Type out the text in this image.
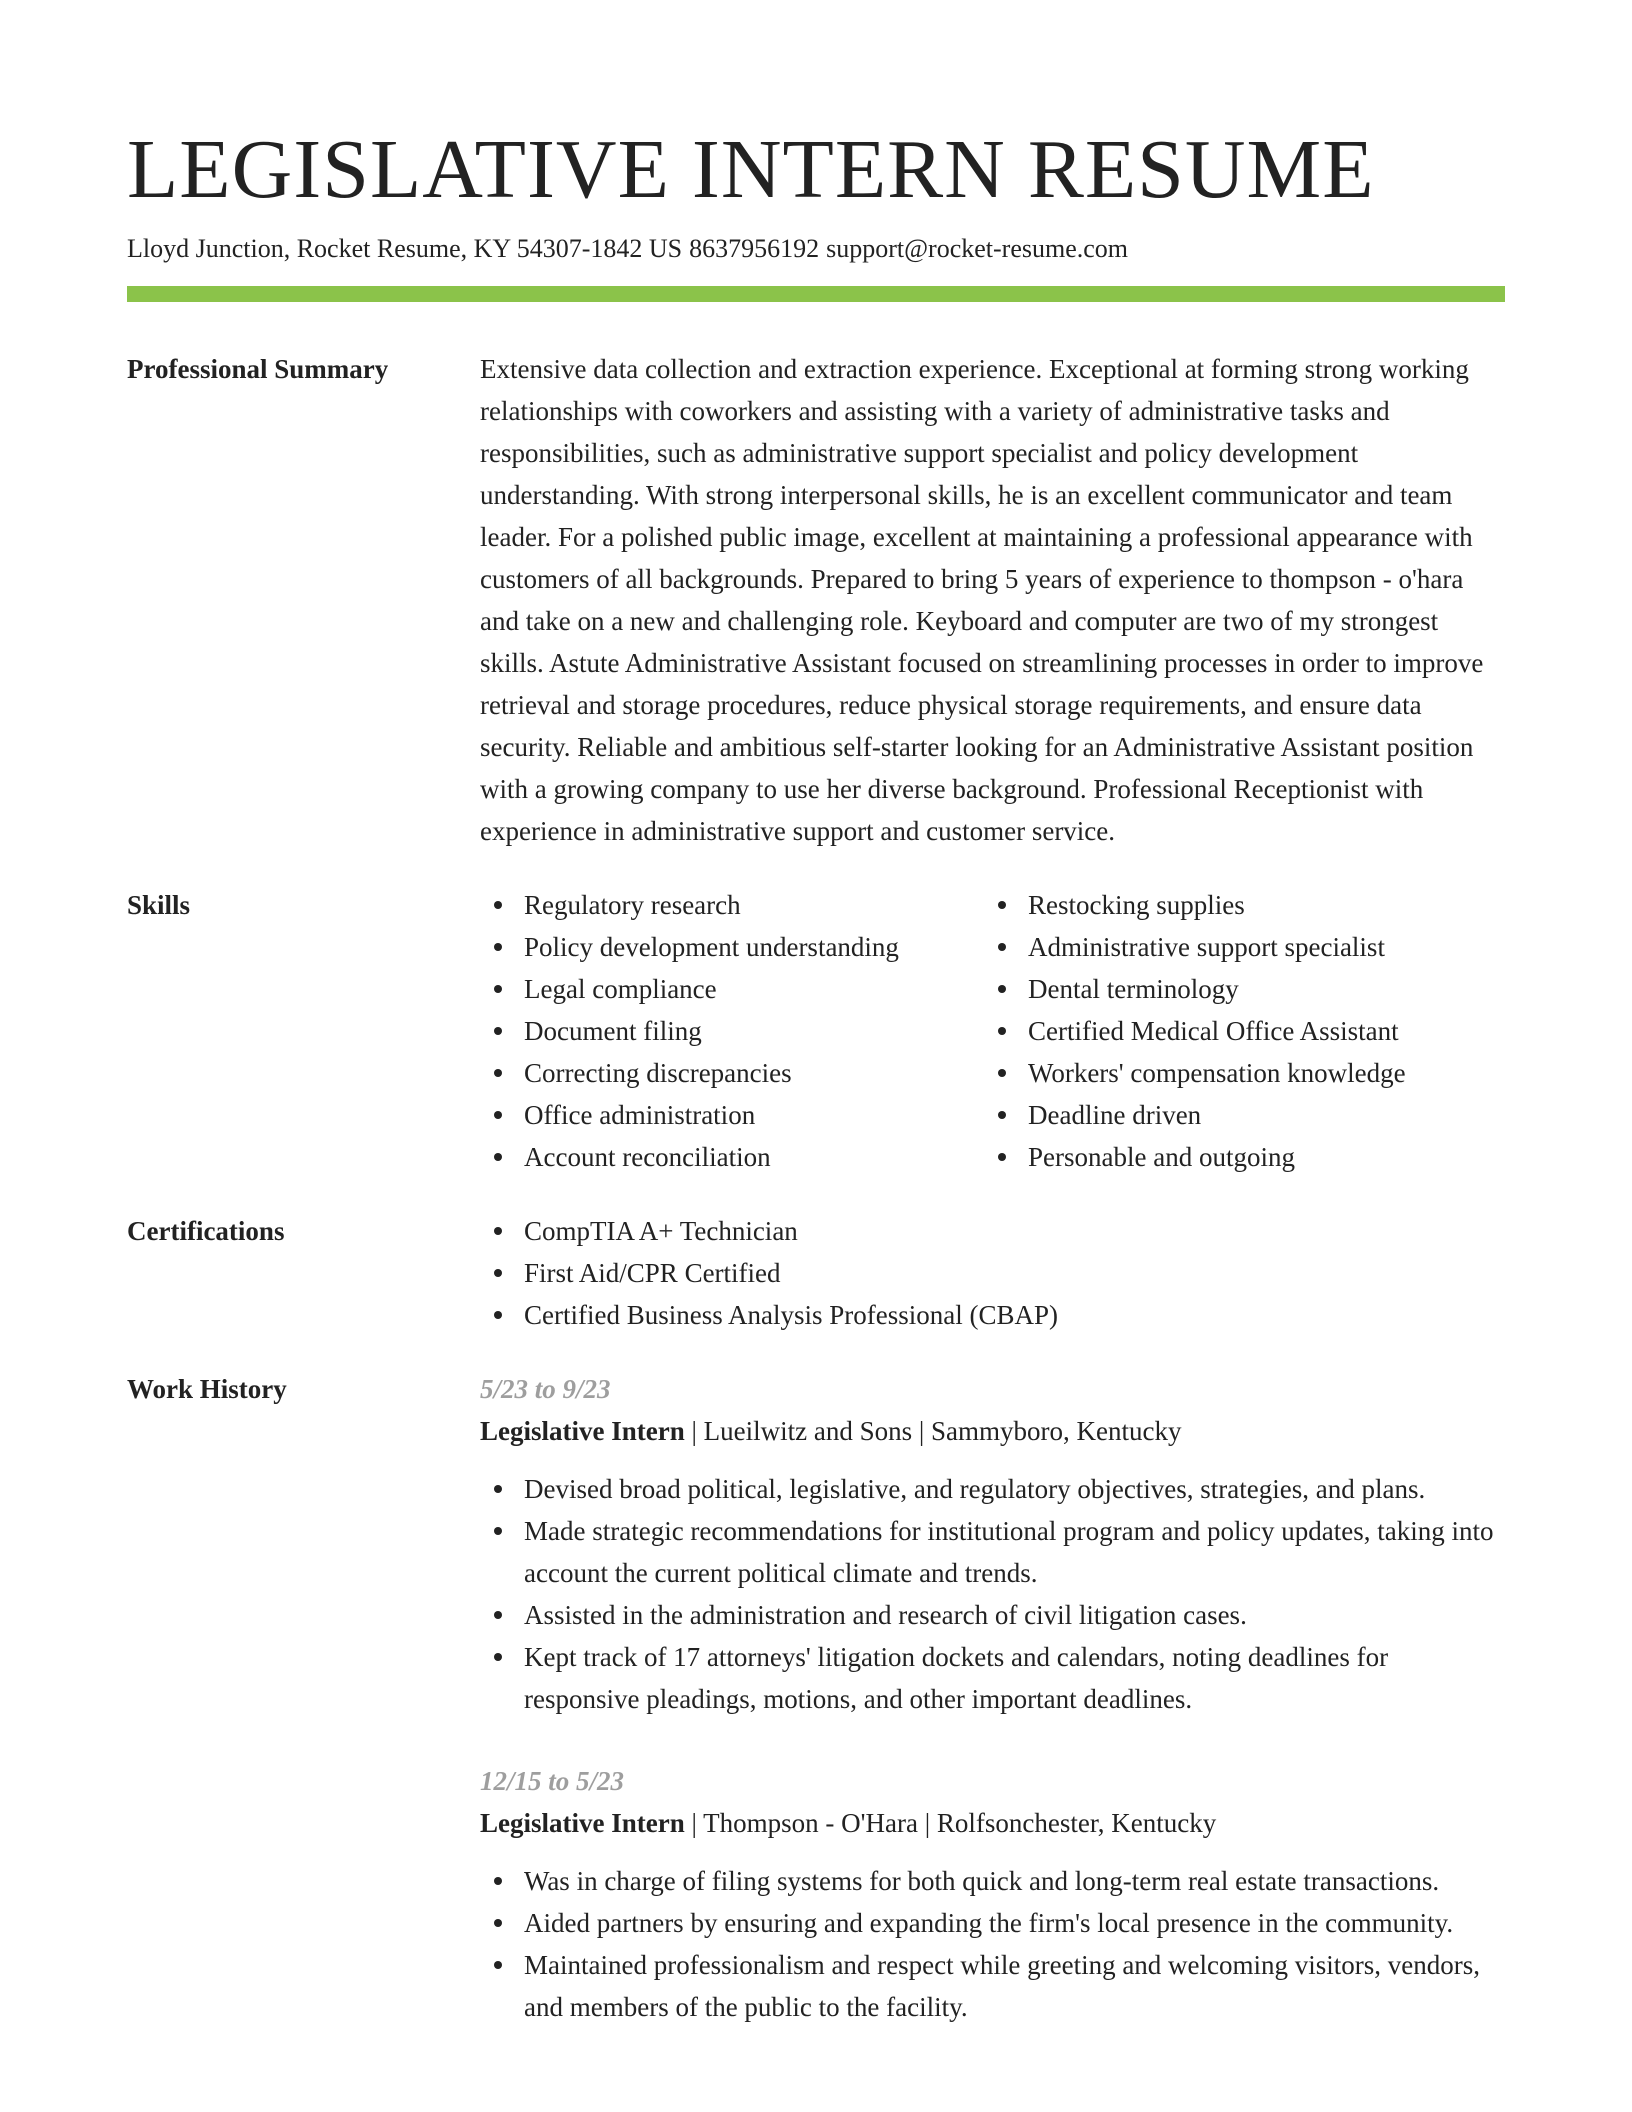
LEGISLATIVE INTERN RESUME
Lloyd Junction, Rocket Resume, KY 54307-1842 US 8637956192 support@rocket-resume.com
Professional Summary	Extensive data collection and extraction experience. Exceptional at forming strong working relationships with coworkers and assisting with a variety of administrative tasks and responsibilities, such as administrative support specialist and policy development understanding. With strong interpersonal skills, he is an excellent communicator and team leader. For a polished public image, excellent at maintaining a professional appearance with customers of all backgrounds. Prepared to bring 5 years of experience to thompson - o'hara and take on a new and challenging role. Keyboard and computer are two of my strongest skills. Astute Administrative Assistant focused on streamlining processes in order to improve retrieval and storage procedures, reduce physical storage requirements, and ensure data security. Reliable and ambitious self-starter looking for an Administrative Assistant position with a growing company to use her diverse background. Professional Receptionist with experience in administrative support and customer service.

Skills	Regulatory research
Policy development understanding
Legal compliance
Document filing
Correcting discrepancies
Office administration
Account reconciliation
Restocking supplies
Administrative support specialist
Dental terminology
Certified Medical Office Assistant
Workers' compensation knowledge
Deadline driven
Personable and outgoing
Certifications	CompTIA A+ Technician
First Aid/CPR Certified
Certified Business Analysis Professional (CBAP)
Work History	5/23 to 9/23
Legislative Intern | Lueilwitz and Sons | Sammyboro, Kentucky
Devised broad political, legislative, and regulatory objectives, strategies, and plans.
Made strategic recommendations for institutional program and policy updates, taking into account the current political climate and trends.
Assisted in the administration and research of civil litigation cases.
Kept track of 17 attorneys' litigation dockets and calendars, noting deadlines for responsive pleadings, motions, and other important deadlines.
12/15 to 5/23
Legislative Intern | Thompson - O'Hara | Rolfsonchester, Kentucky
Was in charge of filing systems for both quick and long-term real estate transactions.
Aided partners by ensuring and expanding the firm's local presence in the community.
Maintained professionalism and respect while greeting and welcoming visitors, vendors, and members of the public to the facility.
